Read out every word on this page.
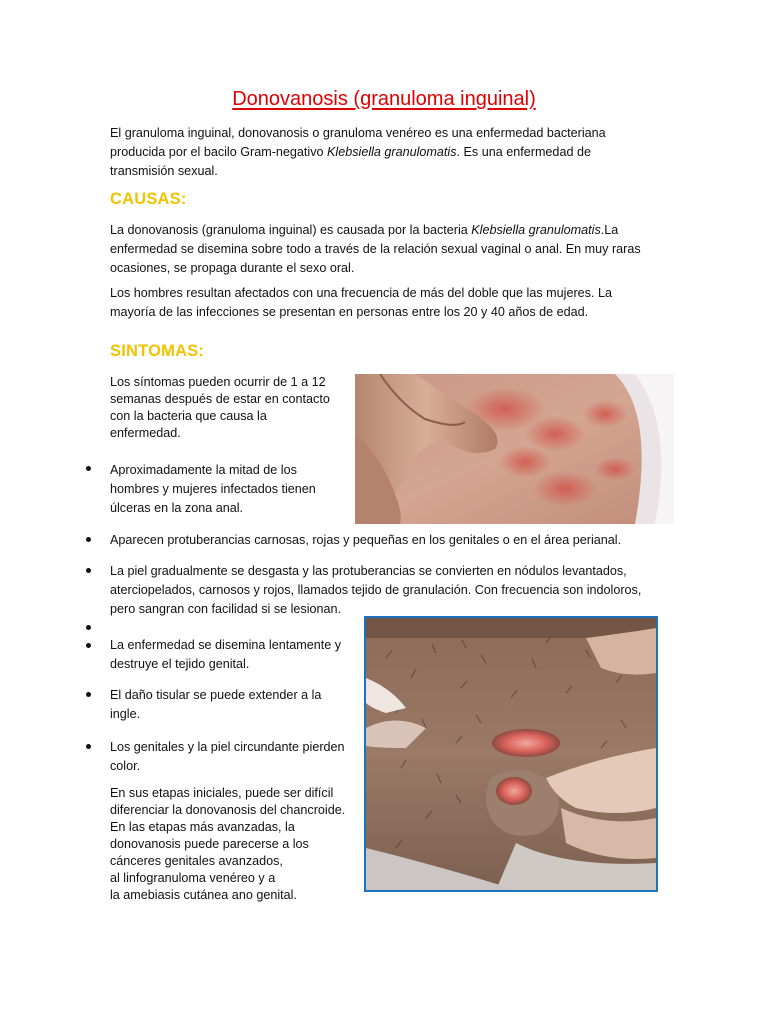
Donovanosis (granuloma inguinal)

El granuloma inguinal, donovanosis o granuloma venéreo es una enfermedad bacteriana

producida por el bacilo Gram-negativo Klebsiella granulomatis. Es una enfermedad de

transmisión sexual.

CAUSAS:

La donovanosis (granuloma inguinal) es causada por la bacteria Klebsiella granulomatis.La

enfermedad se disemina sobre todo a través de la relación sexual vaginal o anal. En muy raras

ocasiones, se propaga durante el sexo oral.

Los hombres resultan afectados con una frecuencia de más del doble que las mujeres. La

mayoría de las infecciones se presentan en personas entre los 20 y 40 años de edad.

SINTOMAS:

Los síntomas pueden ocurrir de 1 a 12

semanas después de estar en contacto

con la bacteria que causa la

enfermedad.

Aproximadamente la mitad de los

hombres y mujeres infectados tienen

úlceras en la zona anal.

Aparecen protuberancias carnosas, rojas y pequeñas en los genitales o en el área perianal.

La piel gradualmente se desgasta y las protuberancias se convierten en nódulos levantados,

aterciopelados, carnosos y rojos, llamados tejido de granulación. Con frecuencia son indoloros,

pero sangran con facilidad si se lesionan.

La enfermedad se disemina lentamente y

destruye el tejido genital.

El daño tisular se puede extender a la

ingle.

Los genitales y la piel circundante pierden

color.

En sus etapas iniciales, puede ser difícil

diferenciar la donovanosis del chancroide.

En las etapas más avanzadas, la

donovanosis puede parecerse a los

cánceres genitales avanzados,

al linfogranuloma venéreo y a

la amebiasis cutánea ano genital.
